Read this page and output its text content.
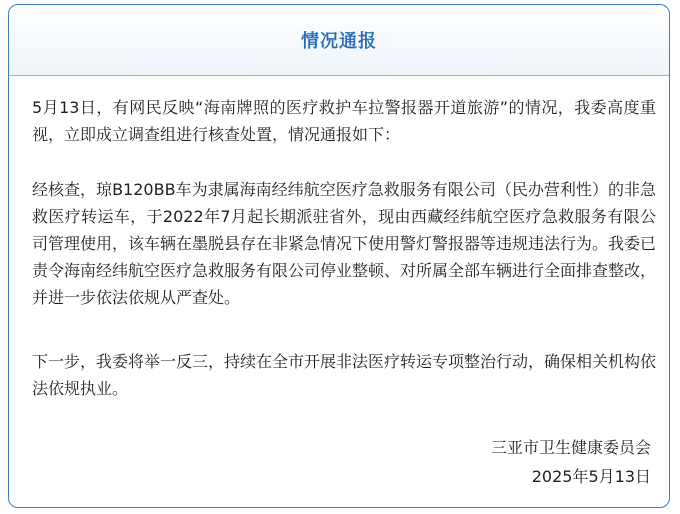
情况通报

5月13日，有网民反映“海南牌照的医疗救护车拉警报器开道旅游”的情况，我委高度重视，立即成立调查组进行核查处置，情况通报如下：

经核查，琼B120BB车为隶属海南经纬航空医疗急救服务有限公司（民办营利性）的非急救医疗转运车，于2022年7月起长期派驻省外，现由西藏经纬航空医疗急救服务有限公司管理使用，该车辆在墨脱县存在非紧急情况下使用警灯警报器等违规违法行为。我委已责令海南经纬航空医疗急救服务有限公司停业整顿、对所属全部车辆进行全面排查整改，并进一步依法依规从严查处。

下一步，我委将举一反三，持续在全市开展非法医疗转运专项整治行动，确保相关机构依法依规执业。

三亚市卫生健康委员会
2025年5月13日
